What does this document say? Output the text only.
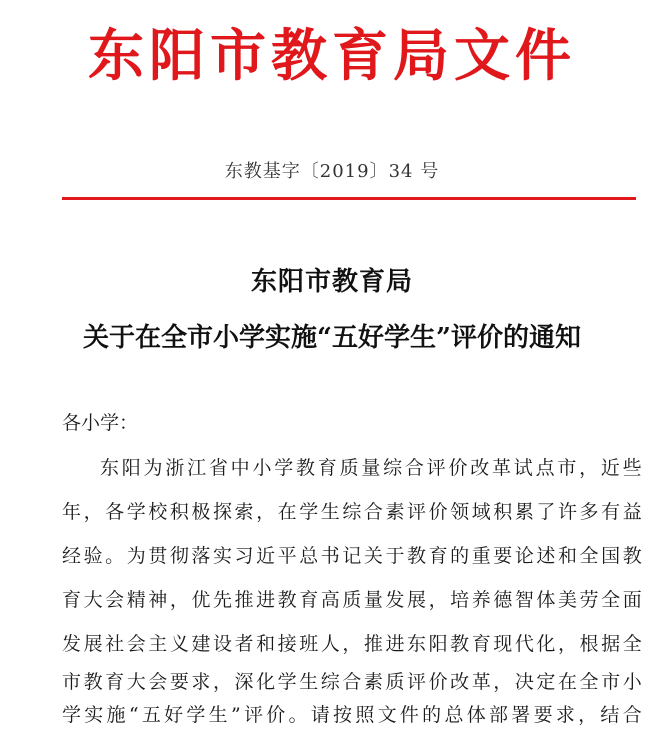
东阳市教育局文件
东教基字〔2019〕34 号
东阳市教育局
关于在全市小学实施“五好学生”评价的通知
各小学：
东阳为浙江省中小学教育质量综合评价改革试点市，近些
年，各学校积极探索，在学生综合素评价领域积累了许多有益
经验。为贯彻落实习近平总书记关于教育的重要论述和全国教
育大会精神，优先推进教育高质量发展，培养德智体美劳全面
发展社会主义建设者和接班人，推进东阳教育现代化，根据全
市教育大会要求，深化学生综合素质评价改革，决定在全市小
学实施“五好学生”评价。请按照文件的总体部署要求，结合
